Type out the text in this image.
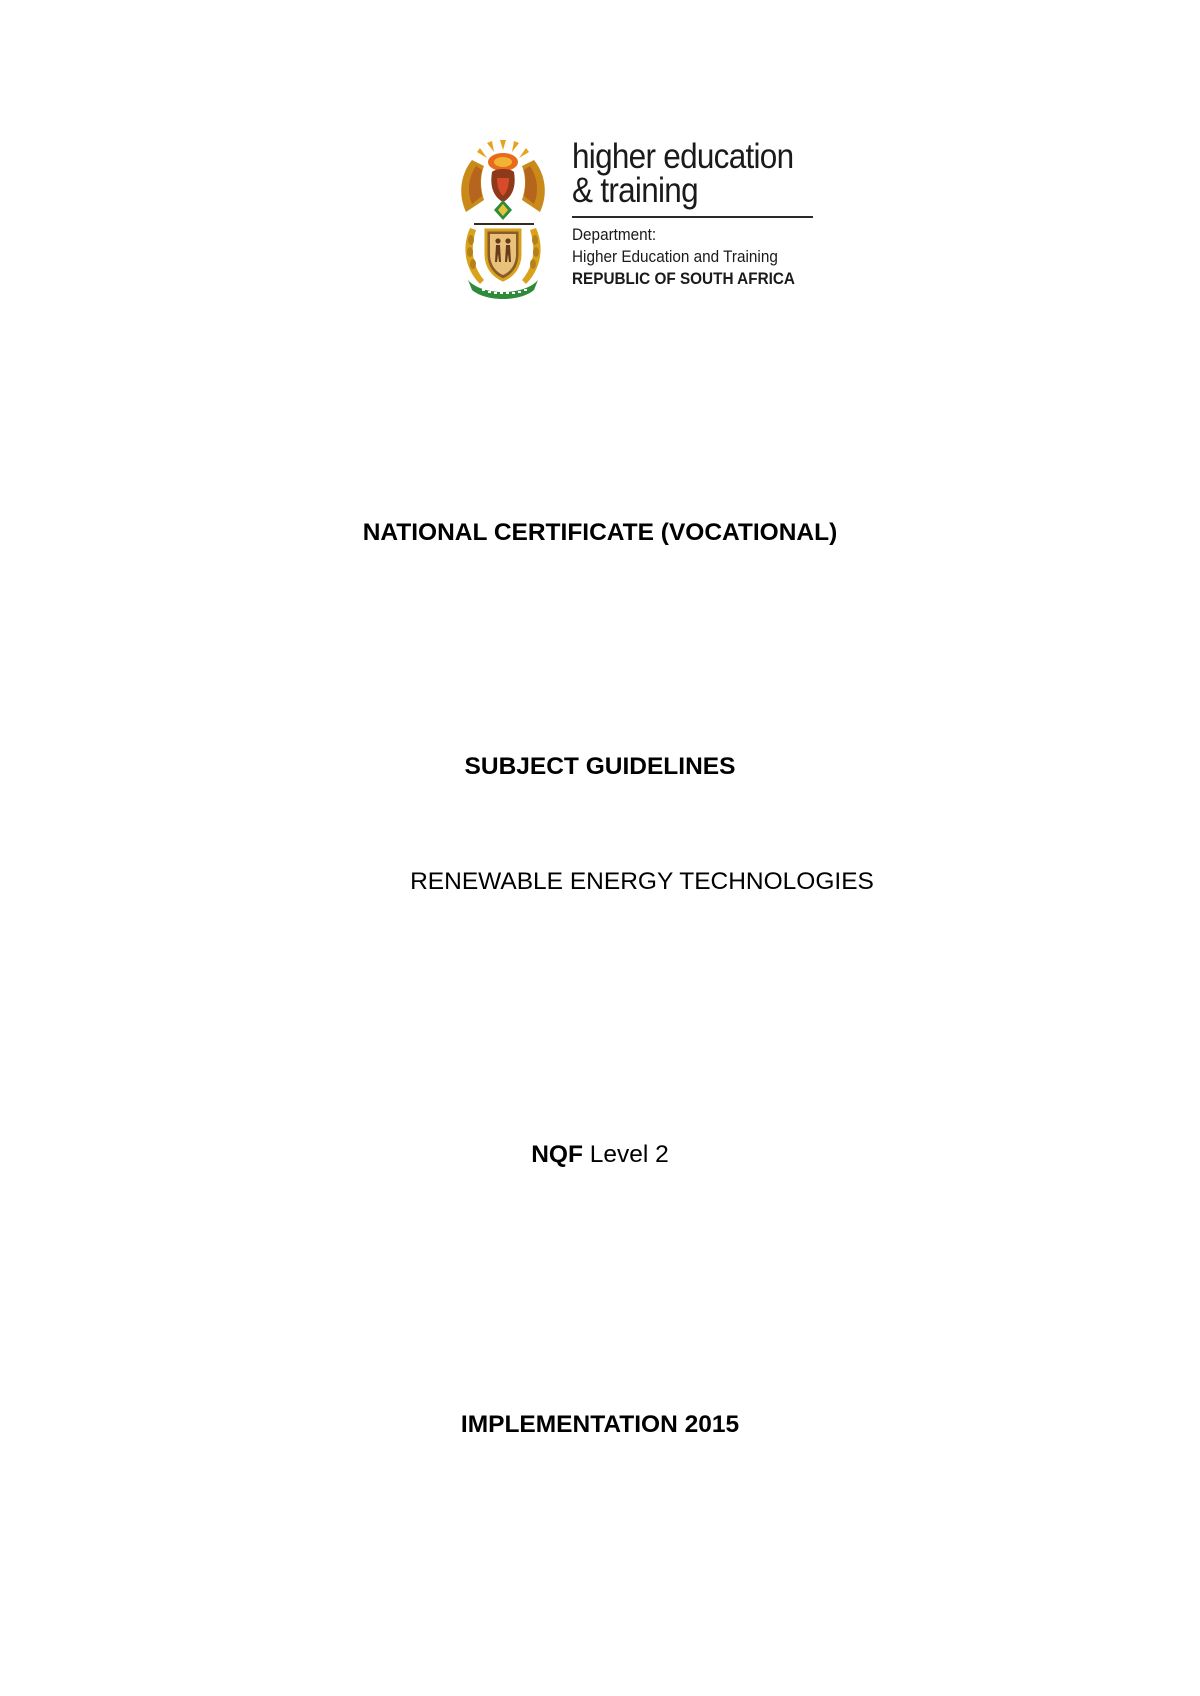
higher education
& training
Department:
Higher Education and Training
REPUBLIC OF SOUTH AFRICA
NATIONAL CERTIFICATE (VOCATIONAL)
SUBJECT GUIDELINES
RENEWABLE ENERGY TECHNOLOGIES
NQF Level 2
IMPLEMENTATION 2015
